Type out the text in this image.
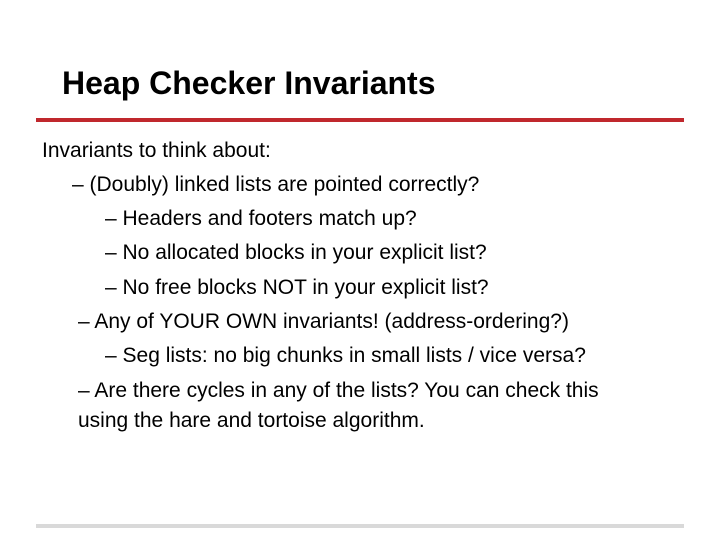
Heap Checker Invariants
Invariants to think about:
– (Doubly) linked lists are pointed correctly?
– Headers and footers match up?
– No allocated blocks in your explicit list?
– No free blocks NOT in your explicit list?
– Any of YOUR OWN invariants! (address-ordering?)
– Seg lists: no big chunks in small lists / vice versa?
– Are there cycles in any of the lists? You can check this
using the hare and tortoise algorithm.
